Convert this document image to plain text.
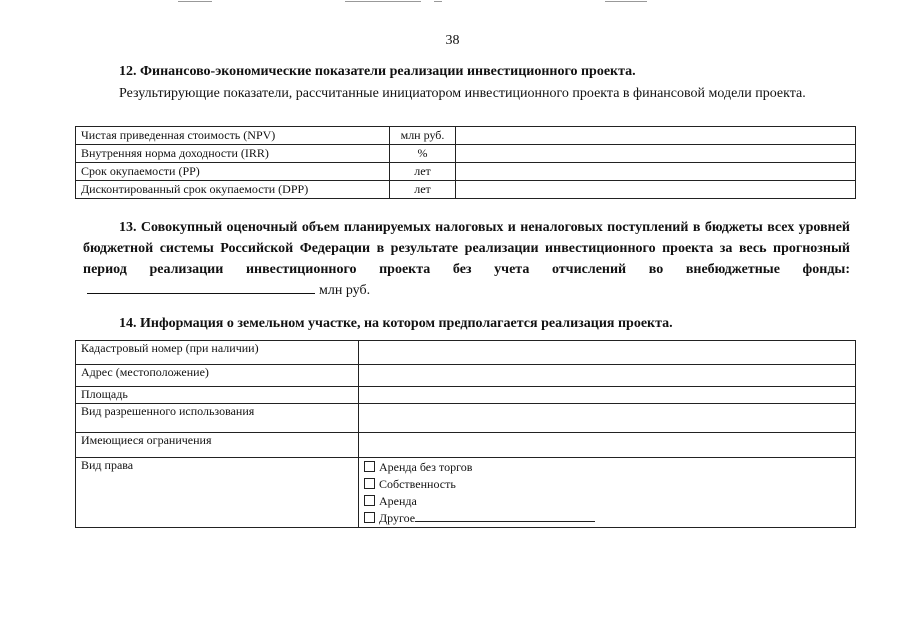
38
12. Финансово-экономические показатели реализации инвестиционного проекта.
Результирующие показатели, рассчитанные инициатором инвестиционного проекта в финансовой модели проекта.
Чистая приведенная стоимость (NPV)	млн руб.	
Внутренняя норма доходности (IRR)	%	
Срок окупаемости (PP)	лет	
Дисконтированный срок окупаемости (DPP)	лет	
13. Совокупный оценочный объем планируемых налоговых и неналоговых поступлений в бюджеты всех уровней бюджетной системы Российской Федерации в результате реализации инвестиционного проекта за весь прогнозный период реализации инвестиционного проекта без учета отчислений во внебюджетные фонды:млн руб.
14. Информация о земельном участке, на котором предполагается реализация проекта.
Кадастровый номер (при наличии)	
Адрес (местоположение)	
Площадь	
Вид разрешенного использования	
Имеющиеся ограничения	
Вид права	Аренда без торгов
Собственность
Аренда
Другое
